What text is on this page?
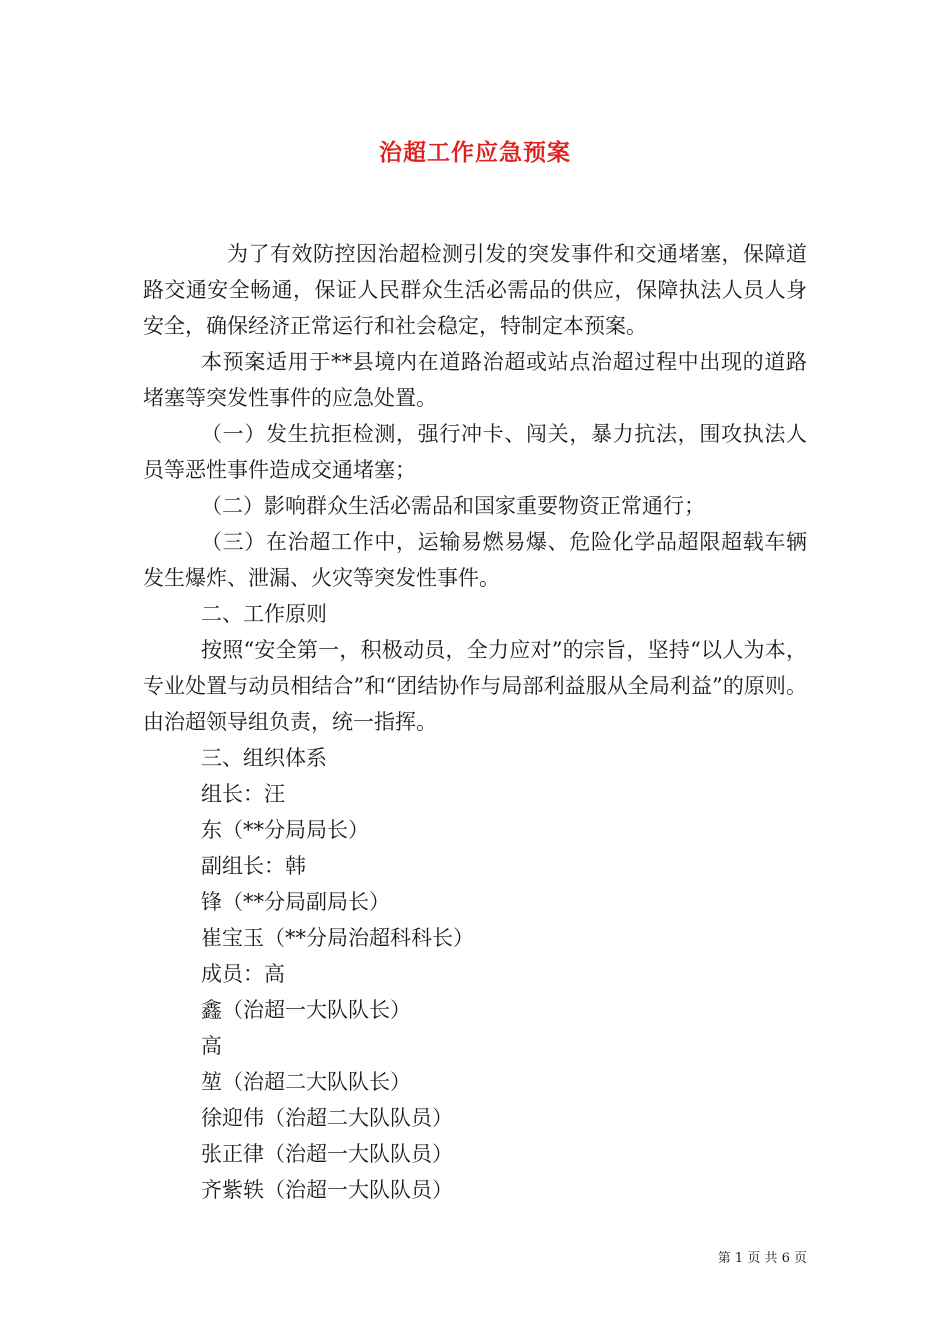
治超工作应急预案

为了有效防控因治超检测引发的突发事件和交通堵塞，保障道路交通安全畅通，保证人民群众生活必需品的供应，保障执法人员人身安全，确保经济正常运行和社会稳定，特制定本预案。

本预案适用于**县境内在道路治超或站点治超过程中出现的道路堵塞等突发性事件的应急处置。

（一）发生抗拒检测，强行冲卡、闯关，暴力抗法，围攻执法人员等恶性事件造成交通堵塞；

（二）影响群众生活必需品和国家重要物资正常通行；

（三）在治超工作中，运输易燃易爆、危险化学品超限超载车辆发生爆炸、泄漏、火灾等突发性事件。

二、工作原则

按照“安全第一，积极动员，全力应对”的宗旨，坚持“以人为本，专业处置与动员相结合”和“团结协作与局部利益服从全局利益”的原则。由治超领导组负责，统一指挥。

三、组织体系

组长：汪

东（**分局局长）

副组长：韩

锋（**分局副局长）

崔宝玉（**分局治超科科长）

成员：高

鑫（治超一大队队长）

高

堃（治超二大队队长）

徐迎伟（治超二大队队员）

张正律（治超一大队队员）

齐紫轶（治超一大队队员）

第 1 页 共 6 页
